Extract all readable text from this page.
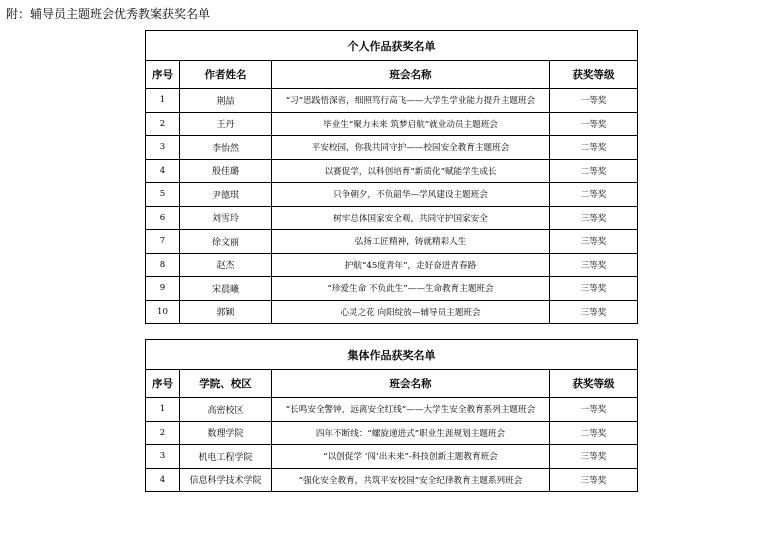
附：辅导员主题班会优秀教案获奖名单
个人作品获奖名单			
序号	作者姓名	班会名称	获奖等级
1	荆喆	“习”思践悟深省，细照笃行高飞——大学生学业能力提升主题班会	一等奖
2	王丹	毕业生“聚力未来 筑梦启航”就业动员主题班会	一等奖
3	李怡然	平安校园，你我共同守护——校园安全教育主题班会	二等奖
4	殷佳璐	以赛促学，以科创培育“新质化”赋能学生成长	二等奖
5	尹德琪	只争朝夕，不负韶华—学风建设主题班会	二等奖
6	刘雪玲	树牢总体国家安全观，共同守护国家安全	三等奖
7	徐文丽	弘扬工匠精神，铸就精彩人生	三等奖
8	赵杰	护航“45度青年”，走好奋进青春路	三等奖
9	宋晨曦	“珍爱生命 不负此生”——生命教育主题班会	三等奖
10	郭颖	心灵之花 向阳绽放—辅导员主题班会	三等奖
集体作品获奖名单			
序号	学院、校区	班会名称	获奖等级
1	高密校区	“长鸣安全警钟，远离安全红线”——大学生安全教育系列主题班会	一等奖
2	数理学院	四年不断线：“螺旋递进式”职业生涯规划主题班会	二等奖
3	机电工程学院	“以创促学 ‘闯’出未来”-科技创新主题教育班会	三等奖
4	信息科学技术学院	“强化安全教育，共筑平安校园”安全纪律教育主题系列班会	三等奖
